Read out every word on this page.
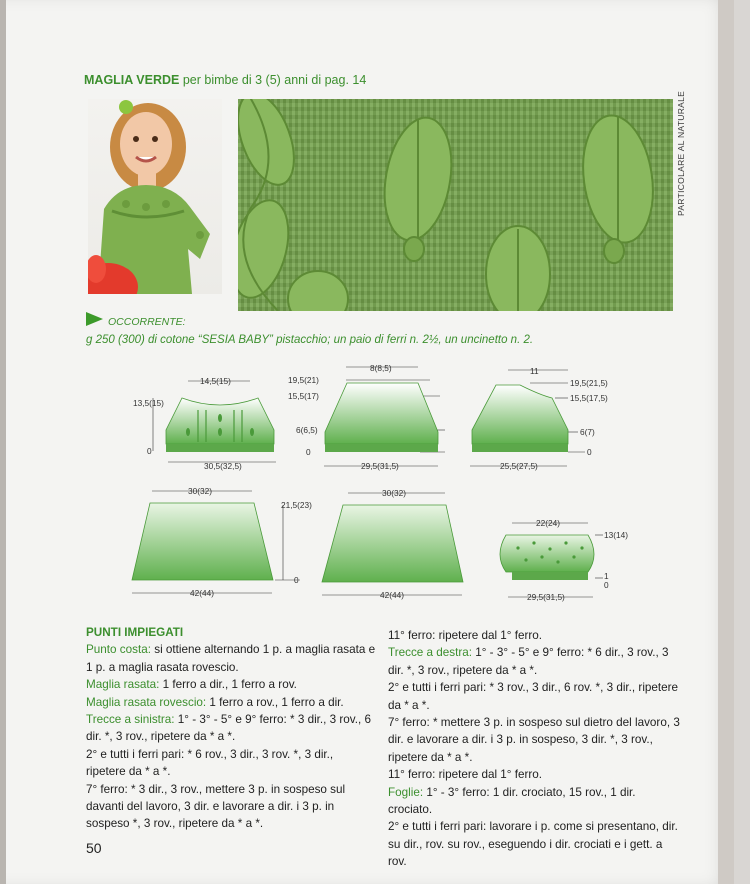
MAGLIA VERDE per bimbe di 3 (5) anni di pag. 14
PARTICOLARE AL NATURALE
OCCORRENTE:
g 250 (300) di cotone “SESIA BABY” pistacchio; un paio di ferri n. 2½, un uncinetto n. 2.
14,5(15)
13,5(15)
0
30,5(32,5)
8(8,5)
19,5(21)
15,5(17)
6(6,5)
0
29,5(31,5)
11
19,5(21,5)
15,5(17,5)
6(7)
0
25,5(27,5)
30(32)
21,5(23)
0
42(44)
30(32)
42(44)
22(24)
13(14)
1
0
29,5(31,5)

PUNTI IMPIEGATI

Punto costa: si ottiene alternando 1 p. a maglia rasata e 1 p. a maglia rasata rovescio.

Maglia rasata: 1 ferro a dir., 1 ferro a rov.

Maglia rasata rovescio: 1 ferro a rov., 1 ferro a dir.

Trecce a sinistra: 1° - 3° - 5° e 9° ferro: * 3 dir., 3 rov., 6 dir. *, 3 rov., ripetere da * a *.

2° e tutti i ferri pari: * 6 rov., 3 dir., 3 rov. *, 3 dir., ripetere da * a *.

7° ferro: * 3 dir., 3 rov., mettere 3 p. in sospeso sul davanti del lavoro, 3 dir. e lavorare a dir. i 3 p. in sospeso *, 3 rov., ripetere da * a *.

11° ferro: ripetere dal 1° ferro.

Trecce a destra: 1° - 3° - 5° e 9° ferro: * 6 dir., 3 rov., 3 dir. *, 3 rov., ripetere da * a *.

2° e tutti i ferri pari: * 3 rov., 3 dir., 6 rov. *, 3 dir., ripetere da * a *.

7° ferro: * mettere 3 p. in sospeso sul dietro del lavoro, 3 dir. e lavorare a dir. i 3 p. in sospeso, 3 dir. *, 3 rov., ripetere da * a *.

11° ferro: ripetere dal 1° ferro.

Foglie: 1° - 3° ferro: 1 dir. crociato, 15 rov., 1 dir. crociato.

2° e tutti i ferri pari: lavorare i p. come si presentano, dir. su dir., rov. su rov., eseguendo i dir. crociati e i gett. a rov.

50
